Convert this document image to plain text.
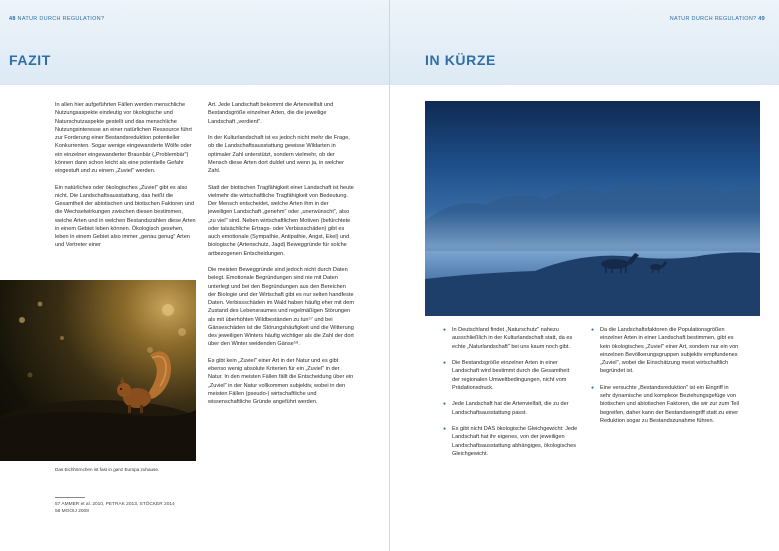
48 NATUR DURCH REGULATION?
FAZIT

In allen hier aufgeführten Fällen werden menschliche Nutzungsaspekte eindeutig vor ökologische und Naturschutzaspekte gestellt und das menschliche Nutzungsinteresse an einer natürlichen Ressource führt zur Forderung einer Bestandsreduktion potentieller Konkurrenten. Sogar wenige eingewanderte Wölfe oder ein einzelner eingewanderter Braunbär („Problembär") können dann schon leicht als eine potentielle Gefahr eingestuft und zu einem „Zuviel" werden.

Ein natürliches oder ökologisches „Zuviel" gibt es also nicht. Die Landschaftsausstattung, das heißt die Gesamtheit der abiotischen und biotischen Faktoren und die Wechselwirkungen zwischen diesen bestimmen, welche Arten und in welchen Bestandszahlen diese Arten in einem Gebiet leben können. Ökologisch gesehen, leben in einem Gebiet also immer „genau genug" Arten und Vertreter einer

Art. Jede Landschaft bekommt die Artenvielfalt und Bestandsgröße einzelner Arten, die die jeweilige Landschaft „verdient".

In der Kulturlandschaft ist es jedoch nicht mehr die Frage, ob die Landschaftsausstattung gewisse Wildarten in optimaler Zahl unterstützt, sondern vielmehr, ob der Mensch diese Arten dort duldet und wenn ja, in welcher Zahl.

Statt der biotischen Tragfähigkeit einer Landschaft ist heute vielmehr die wirtschaftliche Tragfähigkeit von Bedeutung. Der Mensch entscheidet, welche Arten ihm in der jeweiligen Landschaft „genehm" oder „unerwünscht", also „zu viel" sind. Neben wirtschaftlichen Motiven (befürchtete oder tatsächliche Ertrags- oder Verbissschäden) gibt es auch emotionale (Sympathie, Antipathie, Angst, Ekel) und biologische (Artenschutz, Jagd) Beweggründe für solche artbezogenen Entscheidungen.

Die meisten Beweggründe sind jedoch nicht durch Daten belegt. Emotionale Begründungen sind nie mit Daten unterlegt und bei den Begründungen aus den Bereichen der Biologie und der Wirtschaft gibt es nur selten handfeste Daten. Verbissschäden im Wald haben häufig eher mit dem Zustand des Lebensraumes und regelmäßigen Störungen als mit überhöhten Wildbeständen zu tun⁵⁷ und bei Gänseschäden ist die Störungshäufigkeit und die Witterung des jeweiligen Winters häufig wichtiger als die Zahl der dort über den Winter weidenden Gänse⁵⁸.

Es gibt kein „Zuviel" einer Art in der Natur und es gibt ebenso wenig absolute Kriterien für ein „Zuviel" in der Natur. In den meisten Fällen fällt die Entscheidung über ein „Zuviel" in der Natur vollkommen subjektiv, wobei in den meisten Fällen (pseudo-) wirtschaftliche und wissenschaftliche Gründe angeführt werden.

Das Eichhörnchen ist fast in ganz Europa zuhause.
57 AMMER et al. 2010, PETRAK 2013, STÖCKER 2014
58 MOOIJ 2008
NATUR DURCH REGULATION? 49
IN KÜRZE
● In Deutschland findet „Naturschutz" nahezu ausschließlich in der Kulturlandschaft statt, da es echte „Naturlandschaft" bei uns kaum noch gibt.
● Die Bestandsgröße einzelner Arten in einer Landschaft wird bestimmt durch die Gesamtheit der regionalen Umweltbedingungen, nicht vom Prädationsdruck.
● Jede Landschaft hat die Artenvielfalt, die zu der Landschaftsausstattung passt.
● Es gibt nicht DAS ökologische Gleichgewicht: Jede Landschaft hat ihr eigenes, von der jeweiligen Landschaftsausstattung abhängiges, ökologisches Gleichgewicht.
● Da die Landschaftsfaktoren die Populationsgrößen einzelner Arten in einer Landschaft bestimmen, gibt es kein ökologisches „Zuviel" einer Art, sondern nur ein von einzelnen Bevölkerungsgruppen subjektiv empfundenes „Zuviel", wobei die Einschätzung meist wirtschaftlich begründet ist.
● Eine versuchte „Bestandsreduktion" ist ein Eingriff in sehr dynamische und komplexe Beziehungsgefüge von biotischen und abiotischen Faktoren, die wir zur zum Teil begreifen, daher kann der Bestandseingriff statt zu einer Reduktion sogar zu Bestandszunahme führen.
